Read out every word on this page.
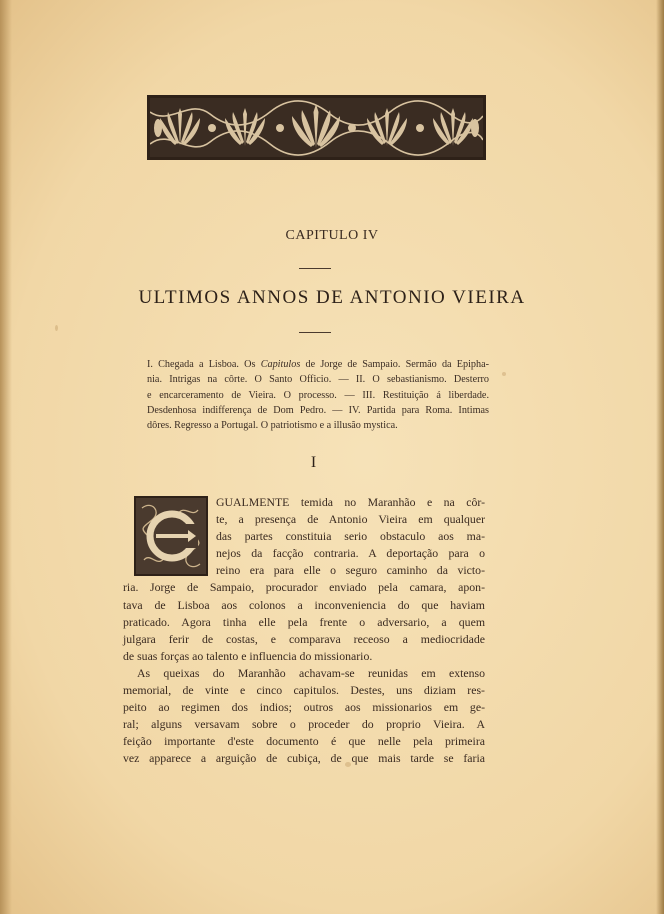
CAPITULO IV
ULTIMOS ANNOS DE ANTONIO VIEIRA
I. Chegada a Lisboa. Os Capitulos de Jorge de Sampaio. Sermão da Epipha-
nia. Intrigas na côrte. O Santo Officio. — II. O sebastianismo. Desterro
e encarceramento de Vieira. O processo. — III. Restituição á liberdade.
Desdenhosa indifferença de Dom Pedro. — IV. Partida para Roma. Intimas
dôres. Regresso a Portugal. O patriotismo e a illusão mystica.
I
E
GUALMENTE temida no Maranhão e na côr-
te, a presença de Antonio Vieira em qualquer
das partes constituia serio obstaculo aos ma-
nejos da facção contraria. A deportação para o
reino era para elle o seguro caminho da victo-
ria. Jorge de Sampaio, procurador enviado pela camara, apon-
tava de Lisboa aos colonos a inconveniencia do que haviam
praticado. Agora tinha elle pela frente o adversario, a quem
julgara ferir de costas, e comparava receoso a mediocridade
de suas forças ao talento e influencia do missionario.
As queixas do Maranhão achavam-se reunidas em extenso
memorial, de vinte e cinco capitulos. Destes, uns diziam res-
peito ao regimen dos indios; outros aos missionarios em ge-
ral; alguns versavam sobre o proceder do proprio Vieira. A
feição importante d'este documento é que nelle pela primeira
vez apparece a arguição de cubiça, de que mais tarde se faria
